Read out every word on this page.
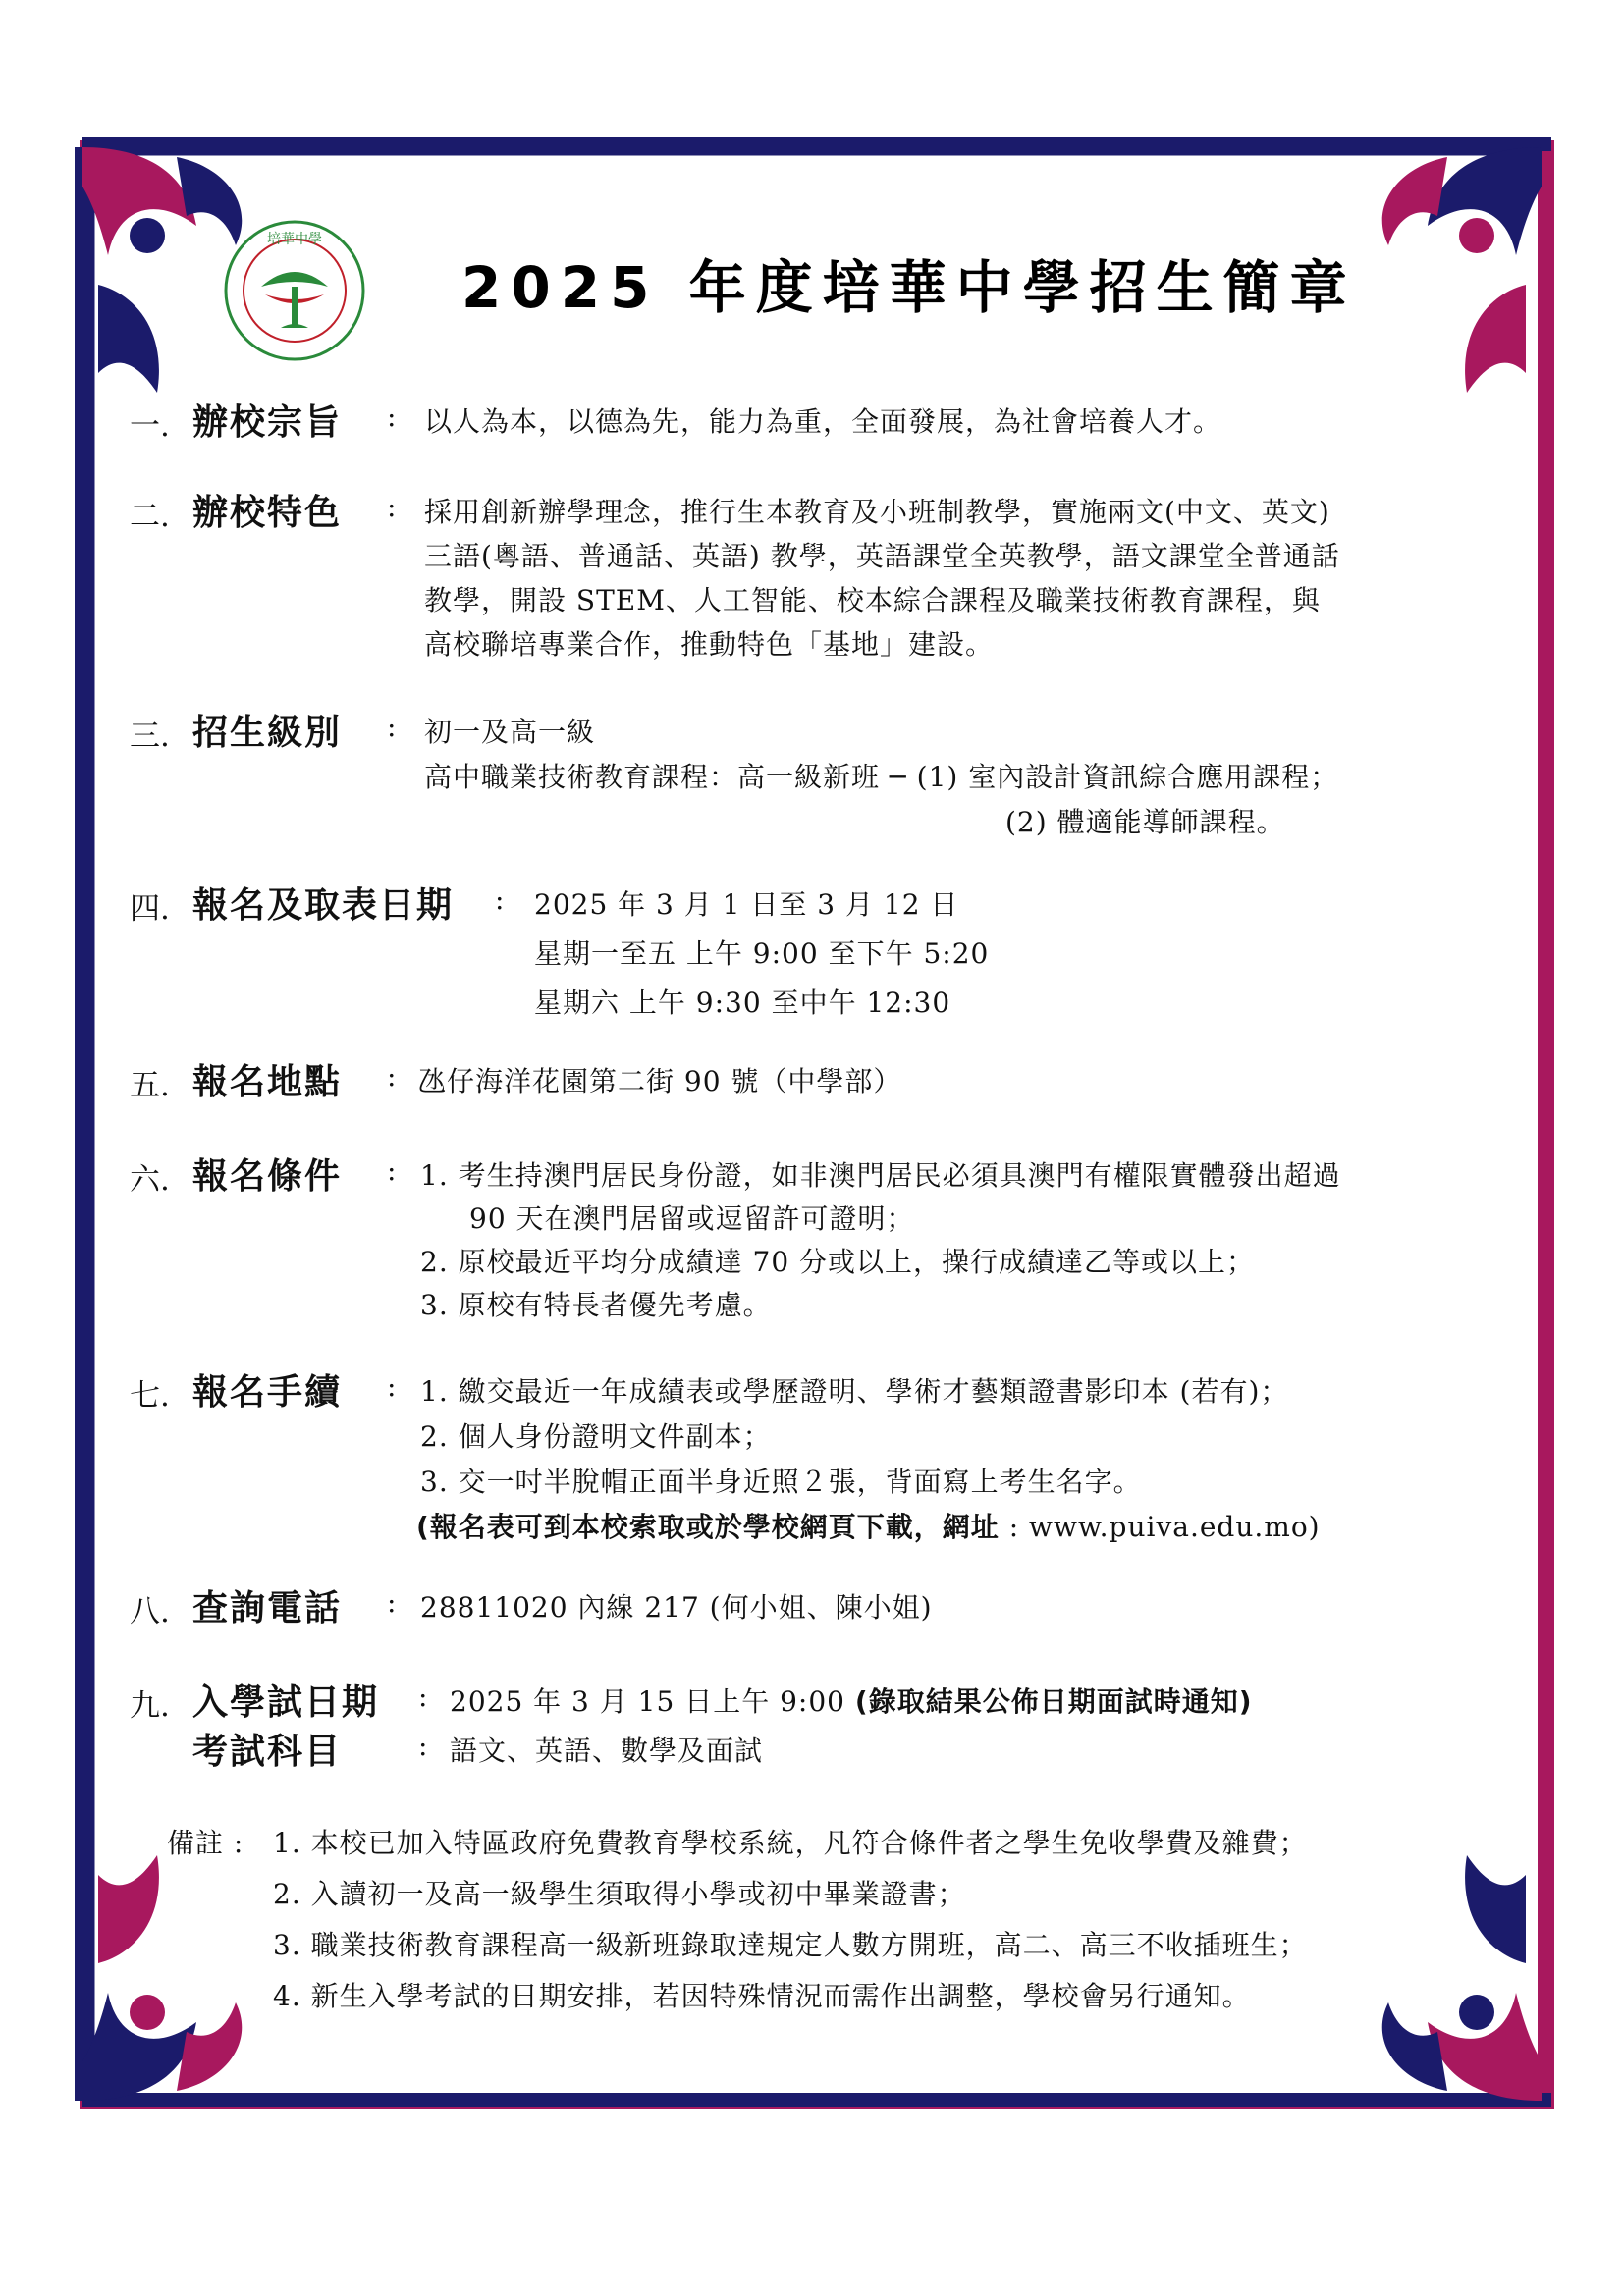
培華中學
2025 年度培華中學招生簡章
一. 辦校宗旨 : 以人為本，以德為先，能力為重，全面發展，為社會培養人才。
二. 辦校特色 : 採用創新辦學理念，推行生本教育及小班制教學，實施兩文(中文、英文)
三語(粵語、普通話、英語) 教學，英語課堂全英教學，語文課堂全普通話
教學，開設 STEM、人工智能、校本綜合課程及職業技術教育課程，與
高校聯培專業合作，推動特色「基地」建設。
三. 招生級別 : 初一及高一級
高中職業技術教育課程：高一級新班 ─ (1) 室內設計資訊綜合應用課程；
(2) 體適能導師課程。
四. 報名及取表日期 : 2025 年 3 月 1 日至 3 月 12 日
星期一至五 上午 9:00 至下午 5:20
星期六 上午 9:30 至中午 12:30
五. 報名地點 : 氹仔海洋花園第二街 90 號（中學部）
六. 報名條件 : 1. 考生持澳門居民身份證，如非澳門居民必須具澳門有權限實體發出超過
90 天在澳門居留或逗留許可證明；
2. 原校最近平均分成績達 70 分或以上，操行成績達乙等或以上；
3. 原校有特長者優先考慮。
七. 報名手續 : 1. 繳交最近一年成績表或學歷證明、學術才藝類證書影印本 (若有)；
2. 個人身份證明文件副本；
3. 交一吋半脫帽正面半身近照２張，背面寫上考生名字。
(報名表可到本校索取或於學校網頁下載，網址 : www.puiva.edu.mo)
八. 查詢電話 : 28811020 內線 217 (何小姐、陳小姐)
九. 入學試日期 : 2025 年 3 月 15 日上午 9:00 (錄取結果公佈日期面試時通知)
考試科目	: 語文、英語、數學及面試
備註 : 1. 本校已加入特區政府免費教育學校系統，凡符合條件者之學生免收學費及雜費；
2. 入讀初一及高一級學生須取得小學或初中畢業證書；
3. 職業技術教育課程高一級新班錄取達規定人數方開班，高二、高三不收插班生；
4. 新生入學考試的日期安排，若因特殊情況而需作出調整，學校會另行通知。
